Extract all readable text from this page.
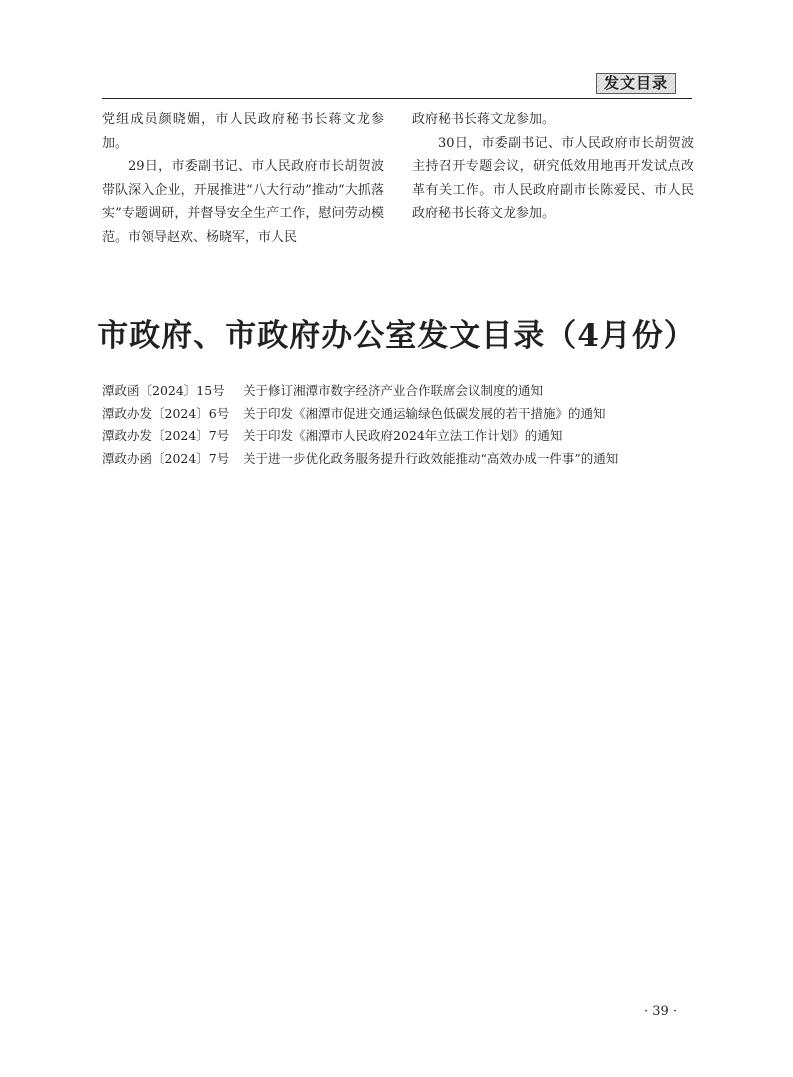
发文目录

党组成员颜晓媚，市人民政府秘书长蒋文龙参加。

29日，市委副书记、市人民政府市长胡贺波带队深入企业，开展推进“八大行动”推动“大抓落实”专题调研，并督导安全生产工作，慰问劳动模范。市领导赵欢、杨晓军，市人民

政府秘书长蒋文龙参加。

30日，市委副书记、市人民政府市长胡贺波主持召开专题会议，研究低效用地再开发试点改革有关工作。市人民政府副市长陈爱民、市人民政府秘书长蒋文龙参加。

市政府、市政府办公室发文目录（4月份）
潭政函〔2024〕15号 关于修订湘潭市数字经济产业合作联席会议制度的通知
潭政办发〔2024〕6号 关于印发《湘潭市促进交通运输绿色低碳发展的若干措施》的通知
潭政办发〔2024〕7号 关于印发《湘潭市人民政府2024年立法工作计划》的通知
潭政办函〔2024〕7号 关于进一步优化政务服务提升行政效能推动“高效办成一件事”的通知
· 39 ·
